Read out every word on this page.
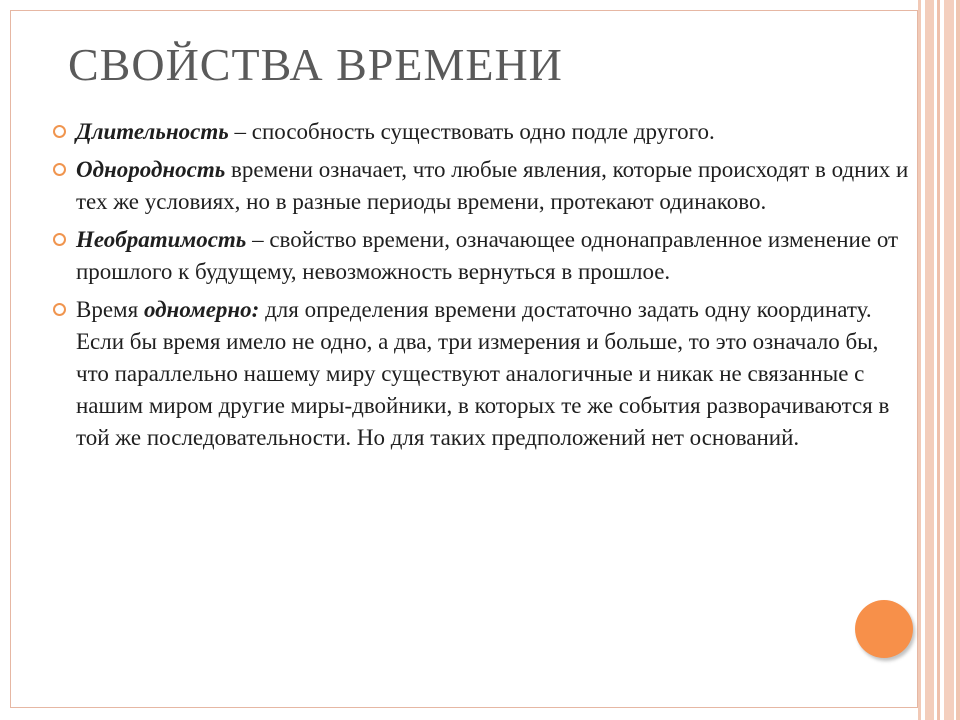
СВОЙСТВА ВРЕМЕНИ
Длительность – способность существовать одно подле другого.
Однородность времени означает, что любые явления, которые происходят в одних и тех же условиях, но в разные периоды времени, протекают одинаково.
Необратимость – свойство времени, означающее однонаправленное изменение от прошлого к будущему, невозможность вернуться в прошлое.
Время одномерно: для определения времени достаточно задать одну координату. Если бы время имело не одно, а два, три измерения и больше, то это означало бы, что параллельно нашему миру существуют аналогичные и никак не связанные с нашим миром другие миры-двойники, в которых те же события разворачиваются в той же последовательности. Но для таких предположений нет оснований.
